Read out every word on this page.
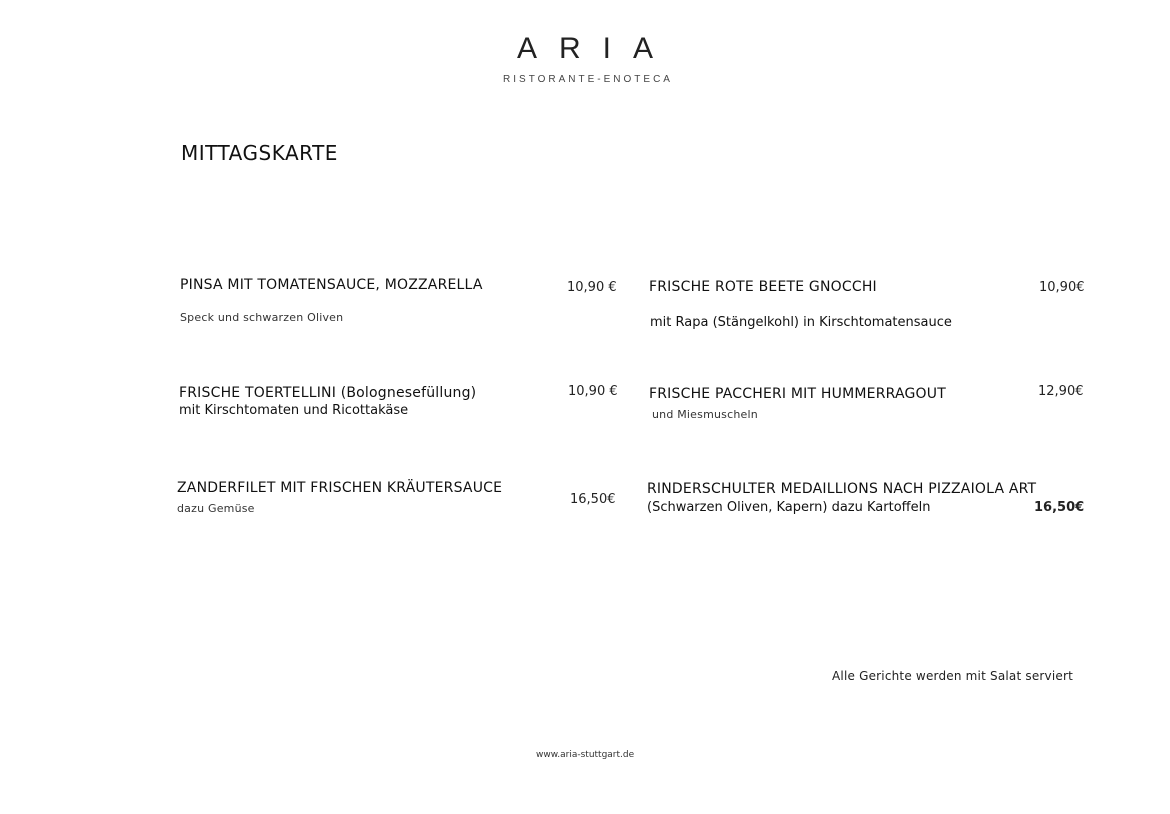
ARIA
RISTORANTE-ENOTECA
MITTAGSKARTE
PINSA MIT TOMATENSAUCE, MOZZARELLA	10,90 €
Speck und schwarzen Oliven
FRISCHE TOERTELLINI (Bolognesefüllung)
mit Kirschtomaten und Ricottakäse
10,90 €
ZANDERFILET MIT FRISCHEN KRÄUTERSAUCE
dazu Gemüse
16,50€
FRISCHE ROTE BEETE GNOCCHI	10,90€
mit Rapa (Stängelkohl) in Kirschtomatensauce
FRISCHE PACCHERI MIT HUMMERRAGOUT	12,90€
und Miesmuscheln
RINDERSCHULTER MEDAILLIONS NACH PIZZAIOLA ART
(Schwarzen Oliven, Kapern) dazu Kartoffeln	16,50€
Alle Gerichte werden mit Salat serviert
www.aria-stuttgart.de
